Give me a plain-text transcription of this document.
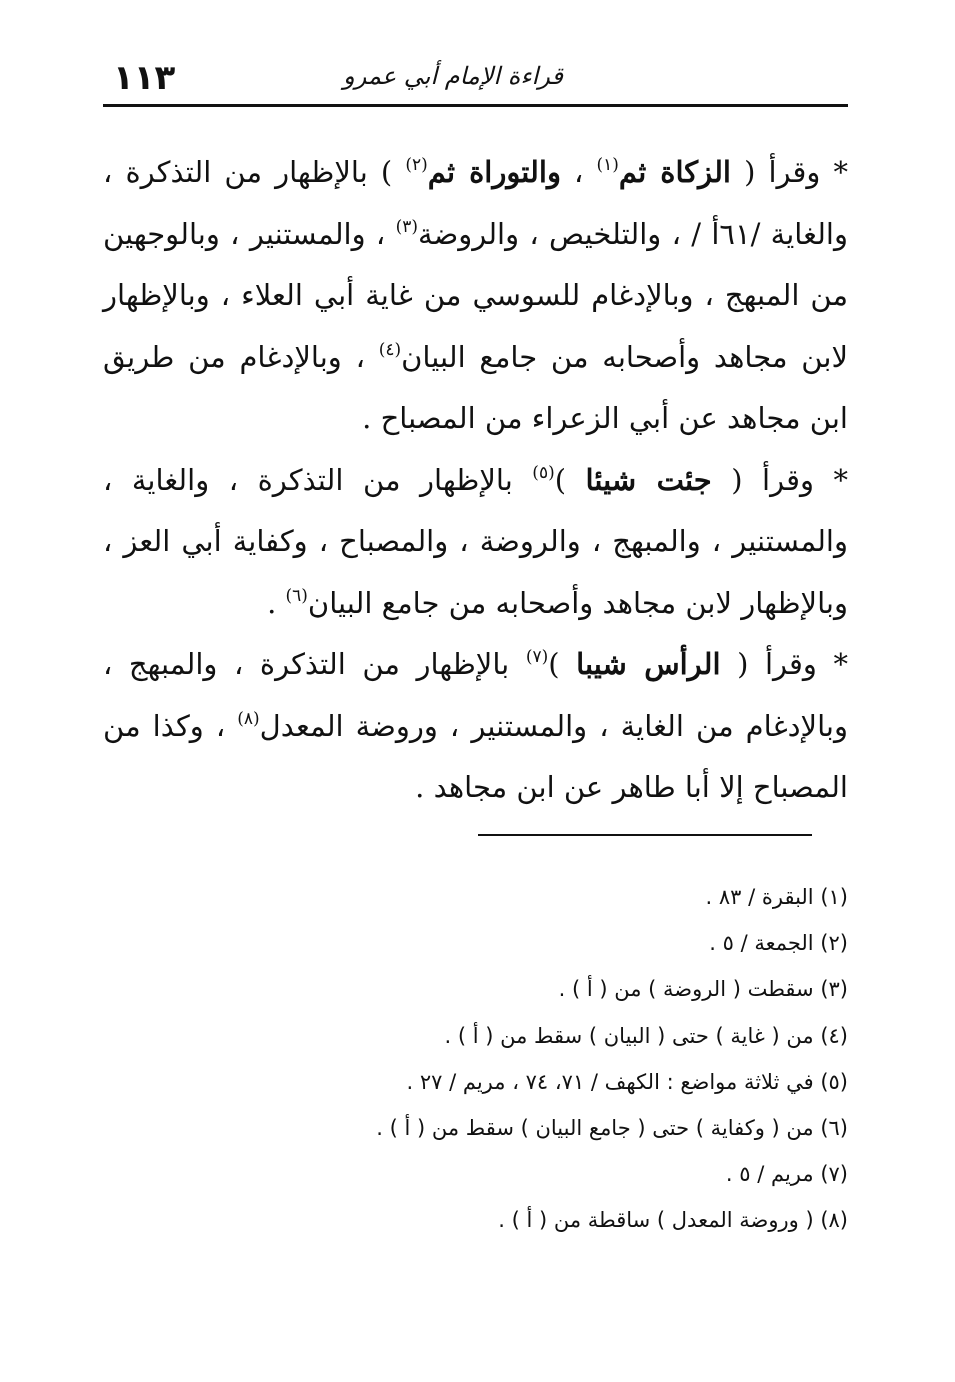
١١٣	قراءة الإمام أبي عمرو

* وقرأ ( الزكاة ثم$^{(١)}$ ، والتوراة ثم$^{(٢)}$ ) بالإظهار من التذكرة ، والغاية /٦١أ / ، والتلخيص ، والروضة$^{(٣)}$ ، والمستنير ، وبالوجهين من المبهج ، وبالإدغام للسوسي من غاية أبي العلاء ، وبالإظهار لابن مجاهد وأصحابه من جامع البيان$^{(٤)}$ ، وبالإدغام من طريق ابن مجاهد عن أبي الزعراء من المصباح .

* وقرأ ( جئت شيئا )$^{(٥)}$ بالإظهار من التذكرة ، والغاية ، والمستنير ، والمبهج ، والروضة ، والمصباح ، وكفاية أبي العز ، وبالإظهار لابن مجاهد وأصحابه من جامع البيان$^{(٦)}$ .

* وقرأ ( الرأس شيبا )$^{(٧)}$ بالإظهار من التذكرة ، والمبهج ، وبالإدغام من الغاية ، والمستنير ، وروضة المعدل$^{(٨)}$ ، وكذا من المصباح إلا أبا طاهر عن ابن مجاهد .

(١) البقرة / ٨٣ .
(٢) الجمعة / ٥ .
(٣) سقطت ( الروضة ) من ( أ ) .
(٤) من ( غاية ) حتى ( البيان ) سقط من ( أ ) .
(٥) في ثلاثة مواضع : الكهف / ٧١، ٧٤ ، مريم / ٢٧ .
(٦) من ( وكفاية ) حتى ( جامع البيان ) سقط من ( أ ) .
(٧) مريم / ٥ .
(٨) ( وروضة المعدل ) ساقطة من ( أ ) .
